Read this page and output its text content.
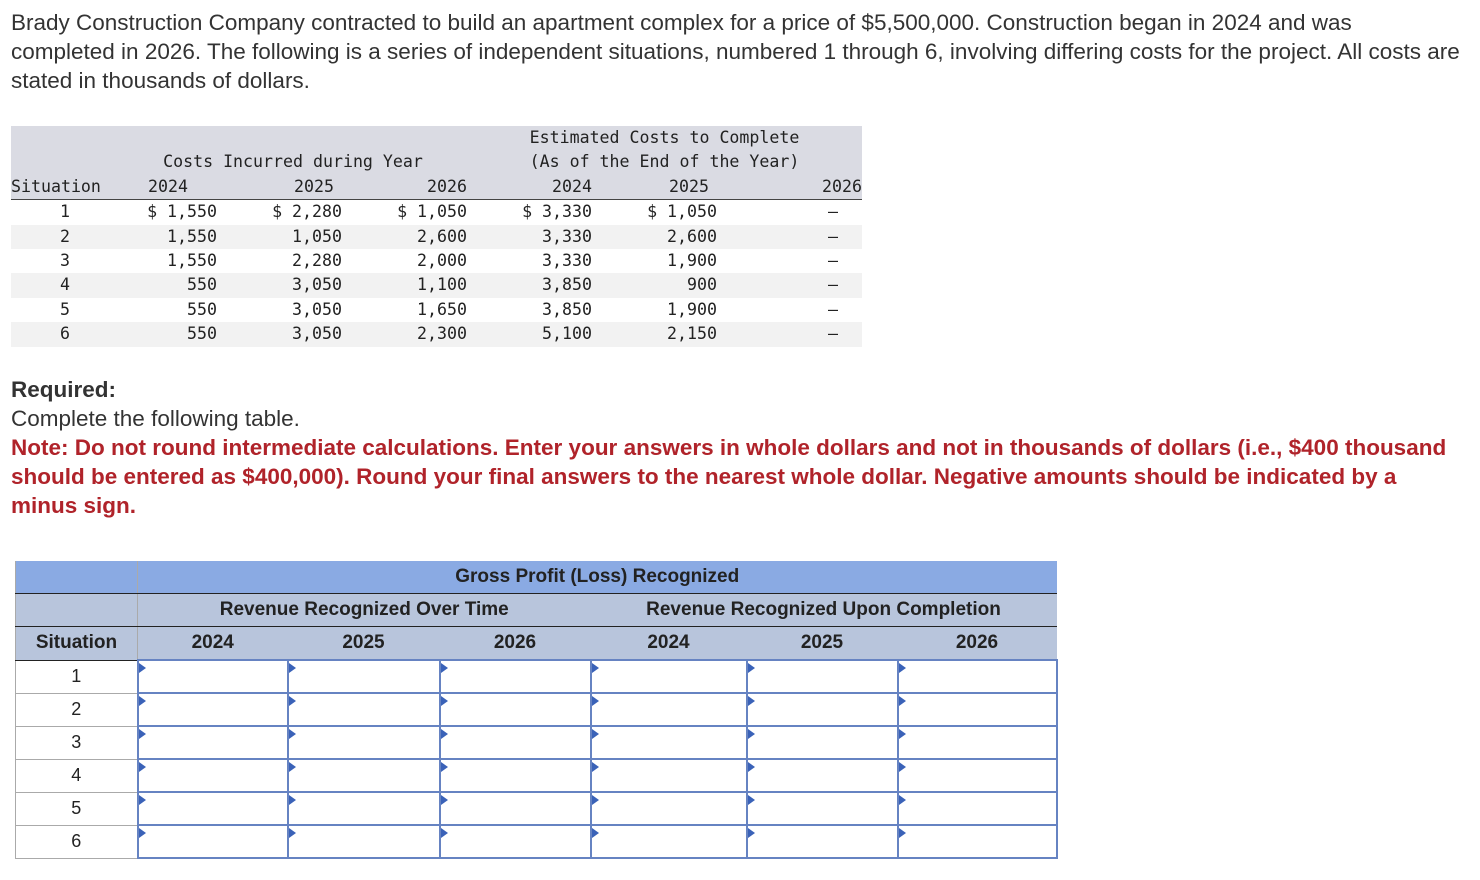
Brady Construction Company contracted to build an apartment complex for a price of $5,500,000. Construction began in 2024 and was completed in 2026. The following is a series of independent situations, numbered 1 through 6, involving differing costs for the project. All costs are stated in thousands of dollars.
				Estimated Costs to Complete			
	Costs Incurred during Year			(As of the End of the Year)			
Situation	2024	2025	2026	2024	2025	2026	
1	$ 1,550	$ 2,280	$ 1,050	$ 3,330	$ 1,050	—	
2	1,550	1,050	2,600	3,330	2,600	—	
3	1,550	2,280	2,000	3,330	1,900	—	
4	550	3,050	1,100	3,850	900	—	
5	550	3,050	1,650	3,850	1,900	—	
6	550	3,050	2,300	5,100	2,150	—	
Required:
Complete the following table.
Note: Do not round intermediate calculations. Enter your answers in whole dollars and not in thousands of dollars (i.e., $400 thousand should be entered as $400,000). Round your final answers to the nearest whole dollar. Negative amounts should be indicated by a minus sign.
	Gross Profit (Loss) Recognized					
	Revenue Recognized Over Time			Revenue Recognized Upon Completion		
Situation	2024	2025	2026	2024	2025	2026
1						
2						
3						
4						
5						
6						
